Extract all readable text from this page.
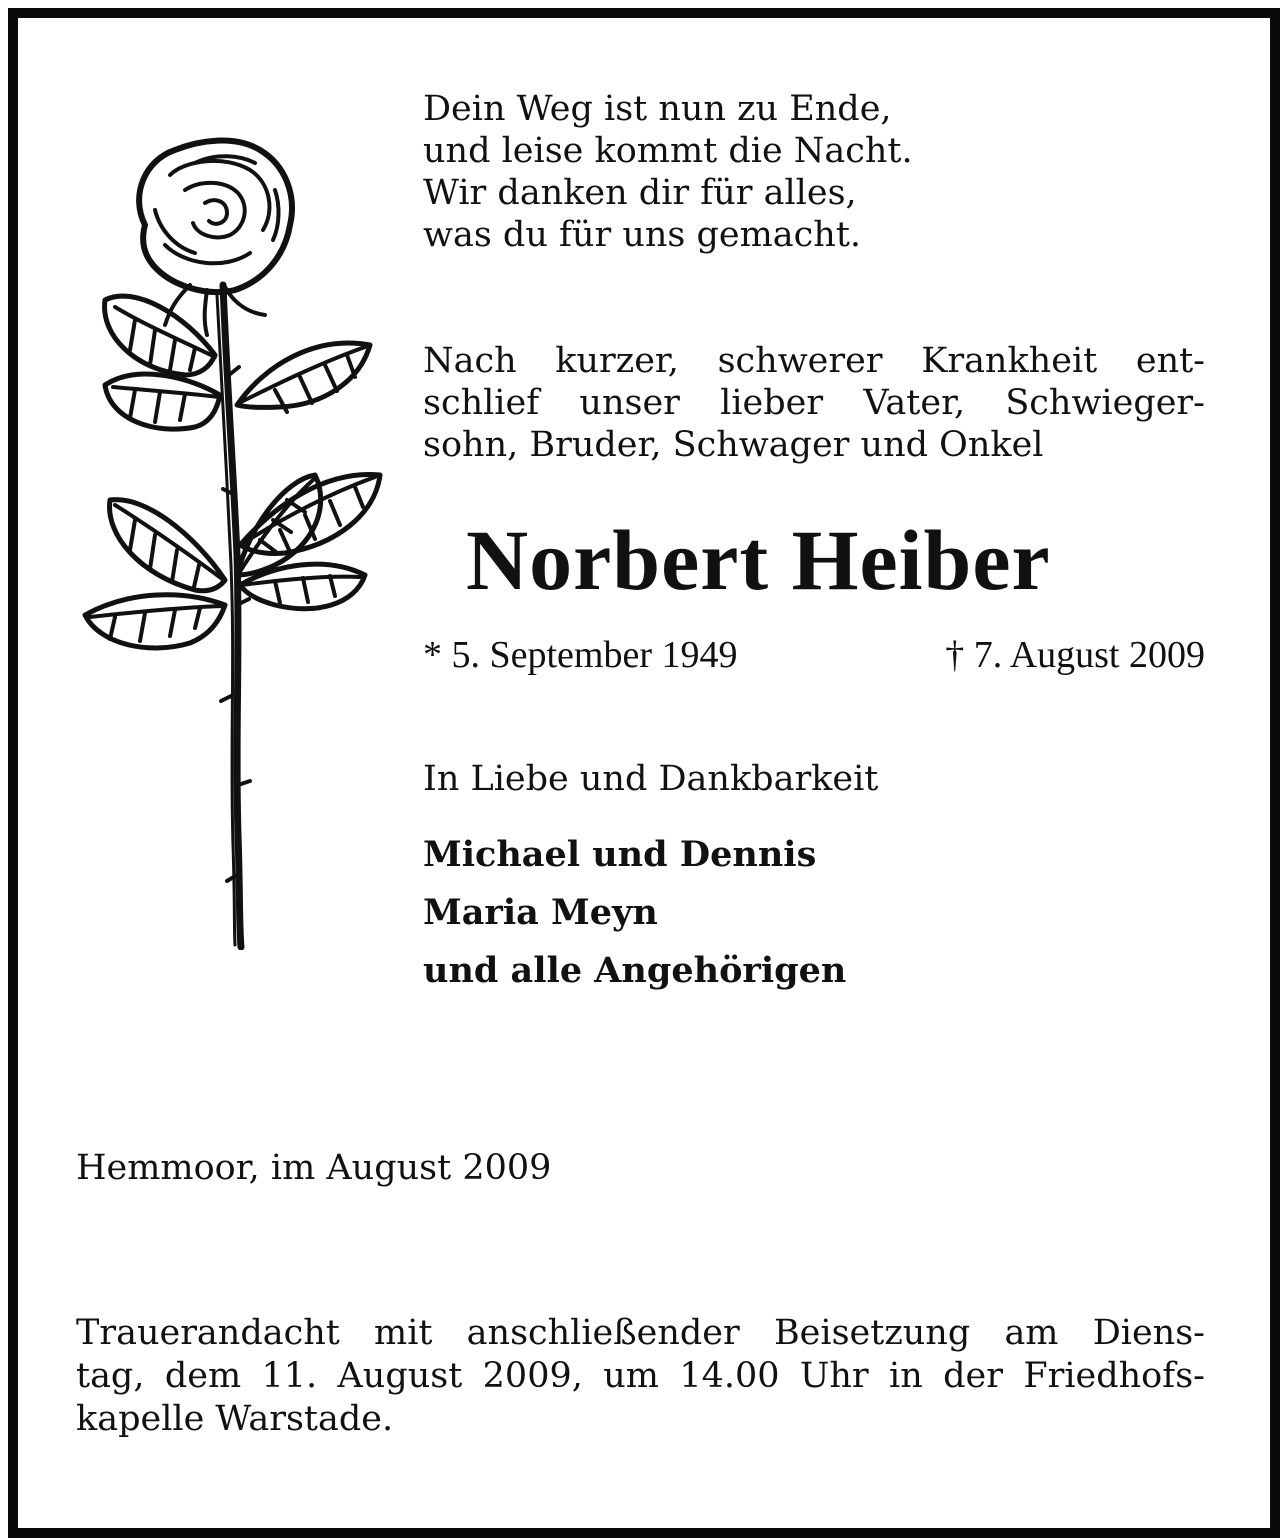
Dein Weg ist nun zu Ende,
und leise kommt die Nacht.
Wir danken dir für alles,
was du für uns gemacht.
Nach kurzer, schwerer Krankheit ent-
schlief unser lieber Vater, Schwieger-
sohn, Bruder, Schwager und Onkel
Norbert Heiber
* 5. September 1949	† 7. August 2009
In Liebe und Dankbarkeit
Michael und Dennis
Maria Meyn
und alle Angehörigen
Hemmoor, im August 2009
Trauerandacht mit anschließender Beisetzung am Diens-
tag, dem 11. August 2009, um 14.00 Uhr in der Friedhofs-
kapelle Warstade.
